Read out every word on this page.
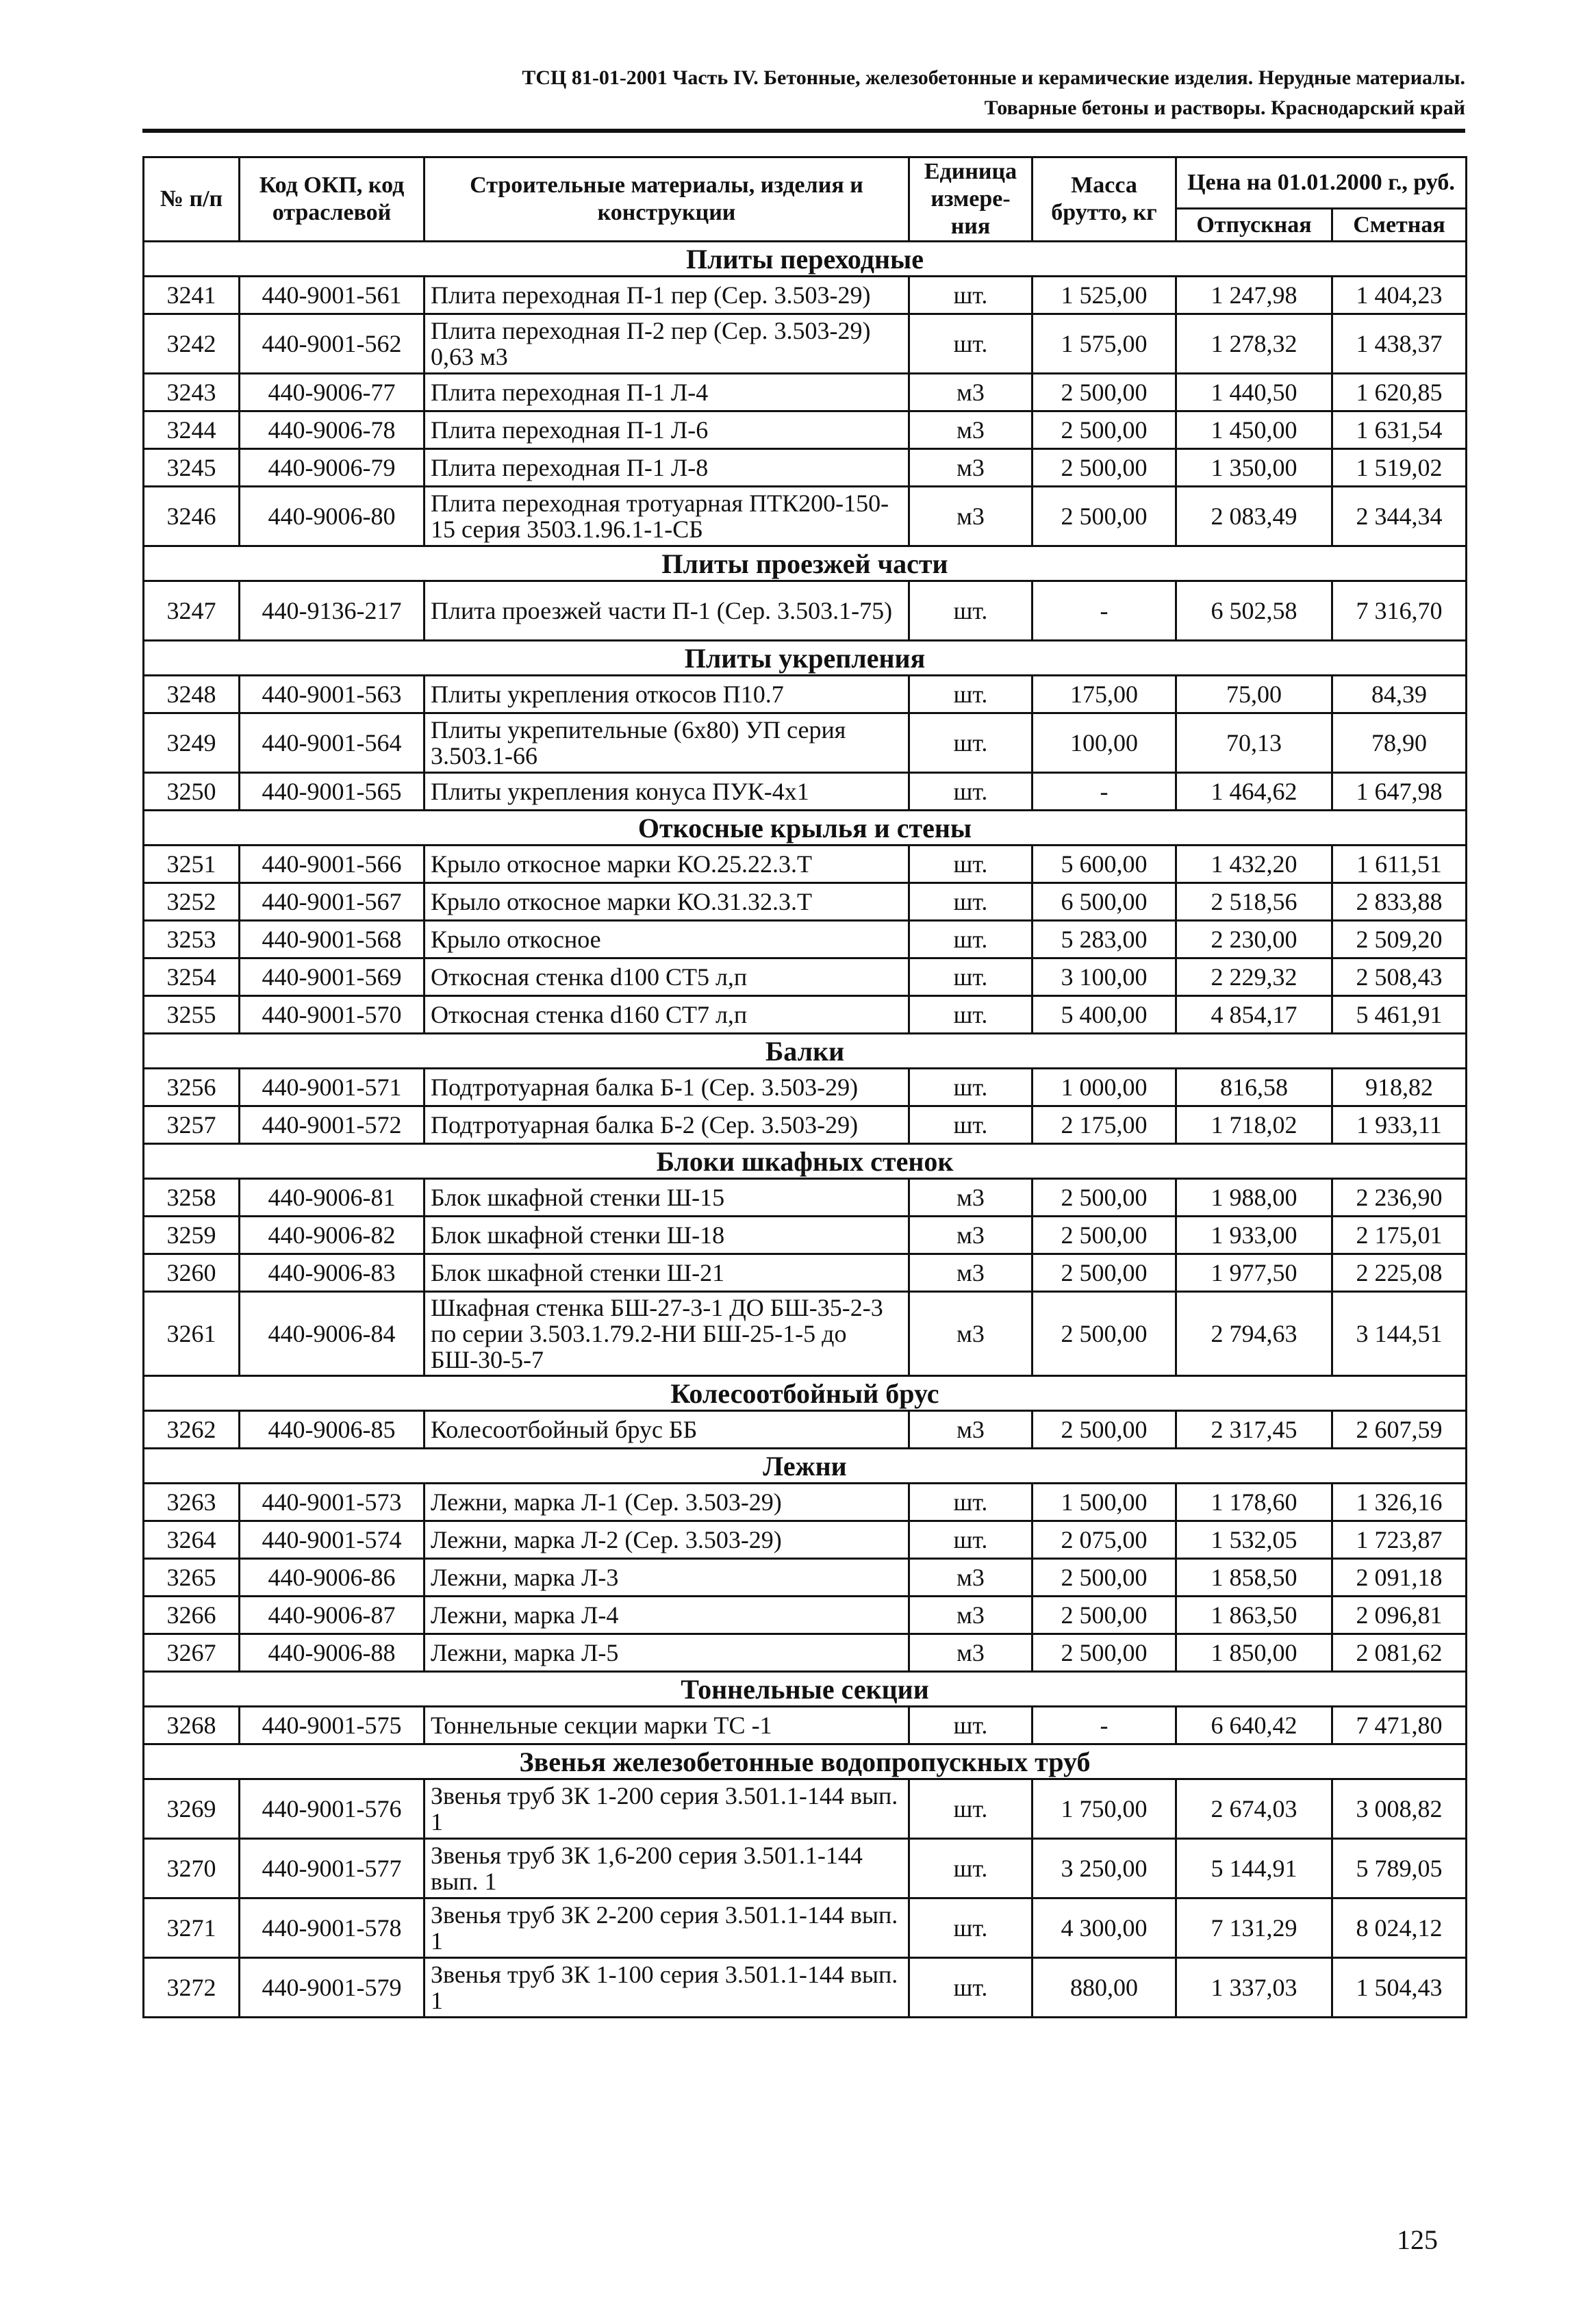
ТСЦ 81-01-2001 Часть IV. Бетонные, железобетонные и керамические изделия. Нерудные материалы.
Товарные бетоны и растворы. Краснодарский край
№ п/п	Код ОКП, код отраслевой	Строительные материалы, изделия и конструкции	Единица измере-ния	Масса брутто, кг	Цена на 01.01.2000 г., руб.	
					Отпускная	Сметная
Плиты переходные						
3241	440-9001-561	Плита переходная П-1 пер (Сер. 3.503-29)	шт.	1 525,00	1 247,98	1 404,23
3242	440-9001-562	Плита переходная П-2 пер (Сер. 3.503-29) 0,63 м3	шт.	1 575,00	1 278,32	1 438,37
3243	440-9006-77	Плита переходная П-1 Л-4	м3	2 500,00	1 440,50	1 620,85
3244	440-9006-78	Плита переходная П-1 Л-6	м3	2 500,00	1 450,00	1 631,54
3245	440-9006-79	Плита переходная П-1 Л-8	м3	2 500,00	1 350,00	1 519,02
3246	440-9006-80	Плита переходная тротуарная ПТК200-150-15 серия 3503.1.96.1-1-СБ	м3	2 500,00	2 083,49	2 344,34
Плиты проезжей части						
3247	440-9136-217	Плита проезжей части П-1 (Сер. 3.503.1-75)	шт.	-	6 502,58	7 316,70
Плиты укрепления						
3248	440-9001-563	Плиты укрепления откосов П10.7	шт.	175,00	75,00	84,39
3249	440-9001-564	Плиты укрепительные (6х80) УП серия 3.503.1-66	шт.	100,00	70,13	78,90
3250	440-9001-565	Плиты укрепления конуса ПУК-4х1	шт.	-	1 464,62	1 647,98
Откосные крылья и стены						
3251	440-9001-566	Крыло откосное марки КО.25.22.3.Т	шт.	5 600,00	1 432,20	1 611,51
3252	440-9001-567	Крыло откосное марки КО.31.32.3.Т	шт.	6 500,00	2 518,56	2 833,88
3253	440-9001-568	Крыло откосное	шт.	5 283,00	2 230,00	2 509,20
3254	440-9001-569	Откосная стенка d100 СТ5 л,п	шт.	3 100,00	2 229,32	2 508,43
3255	440-9001-570	Откосная стенка d160 СТ7 л,п	шт.	5 400,00	4 854,17	5 461,91
Балки						
3256	440-9001-571	Подтротуарная балка Б-1 (Сер. 3.503-29)	шт.	1 000,00	816,58	918,82
3257	440-9001-572	Подтротуарная балка Б-2 (Сер. 3.503-29)	шт.	2 175,00	1 718,02	1 933,11
Блоки шкафных стенок						
3258	440-9006-81	Блок шкафной стенки Ш-15	м3	2 500,00	1 988,00	2 236,90
3259	440-9006-82	Блок шкафной стенки Ш-18	м3	2 500,00	1 933,00	2 175,01
3260	440-9006-83	Блок шкафной стенки Ш-21	м3	2 500,00	1 977,50	2 225,08
3261	440-9006-84	Шкафная стенка БШ-27-3-1 ДО БШ-35-2-3 по серии 3.503.1.79.2-НИ БШ-25-1-5 до БШ-30-5-7	м3	2 500,00	2 794,63	3 144,51
Колесоотбойный брус						
3262	440-9006-85	Колесоотбойный брус ББ	м3	2 500,00	2 317,45	2 607,59
Лежни						
3263	440-9001-573	Лежни, марка Л-1 (Сер. 3.503-29)	шт.	1 500,00	1 178,60	1 326,16
3264	440-9001-574	Лежни, марка Л-2 (Сер. 3.503-29)	шт.	2 075,00	1 532,05	1 723,87
3265	440-9006-86	Лежни, марка Л-3	м3	2 500,00	1 858,50	2 091,18
3266	440-9006-87	Лежни, марка Л-4	м3	2 500,00	1 863,50	2 096,81
3267	440-9006-88	Лежни, марка Л-5	м3	2 500,00	1 850,00	2 081,62
Тоннельные секции						
3268	440-9001-575	Тоннельные секции марки ТС -1	шт.	-	6 640,42	7 471,80
Звенья железобетонные водопропускных труб						
3269	440-9001-576	Звенья труб ЗК 1-200 серия 3.501.1-144 вып. 1	шт.	1 750,00	2 674,03	3 008,82
3270	440-9001-577	Звенья труб ЗК 1,6-200 серия 3.501.1-144 вып. 1	шт.	3 250,00	5 144,91	5 789,05
3271	440-9001-578	Звенья труб ЗК 2-200 серия 3.501.1-144 вып. 1	шт.	4 300,00	7 131,29	8 024,12
3272	440-9001-579	Звенья труб ЗК 1-100 серия 3.501.1-144 вып. 1	шт.	880,00	1 337,03	1 504,43
125
